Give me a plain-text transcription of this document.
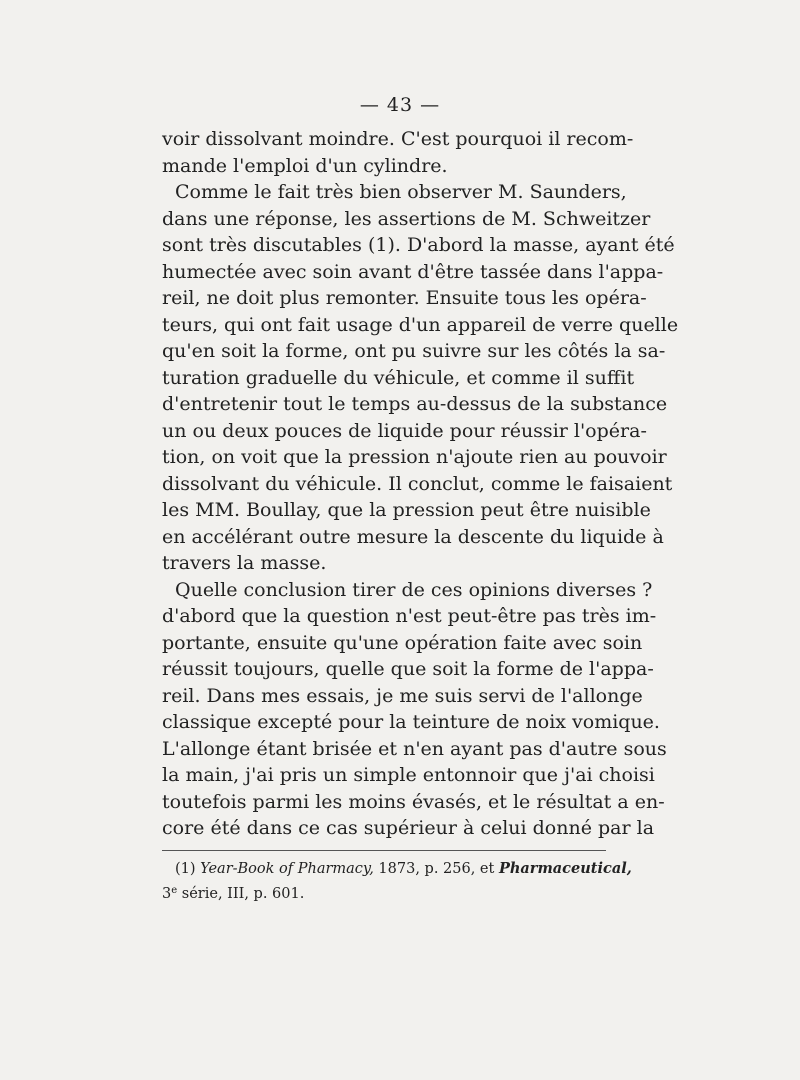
— 43 —
voir dissolvant moindre. C'est pourquoi il recom-
mande l'emploi d'un cylindre.
Comme le fait très bien observer M. Saunders,
dans une réponse, les assertions de M. Schweitzer
sont très discutables (1). D'abord la masse, ayant été
humectée avec soin avant d'être tassée dans l'appa-
reil, ne doit plus remonter. Ensuite tous les opéra-
teurs, qui ont fait usage d'un appareil de verre quelle
qu'en soit la forme, ont pu suivre sur les côtés la sa-
turation graduelle du véhicule, et comme il suffit
d'entretenir tout le temps au-dessus de la substance
un ou deux pouces de liquide pour réussir l'opéra-
tion, on voit que la pression n'ajoute rien au pouvoir
dissolvant du véhicule. Il conclut, comme le faisaient
les MM. Boullay, que la pression peut être nuisible
en accélérant outre mesure la descente du liquide à
travers la masse.
Quelle conclusion tirer de ces opinions diverses ?
d'abord que la question n'est peut-être pas très im-
portante, ensuite qu'une opération faite avec soin
réussit toujours, quelle que soit la forme de l'appa-
reil. Dans mes essais, je me suis servi de l'allonge
classique excepté pour la teinture de noix vomique.
L'allonge étant brisée et n'en ayant pas d'autre sous
la main, j'ai pris un simple entonnoir que j'ai choisi
toutefois parmi les moins évasés, et le résultat a en-
core été dans ce cas supérieur à celui donné par la
(1) Year-Book of Pharmacy, 1873, p. 256, et Pharmaceutical,
3e série, III, p. 601.
